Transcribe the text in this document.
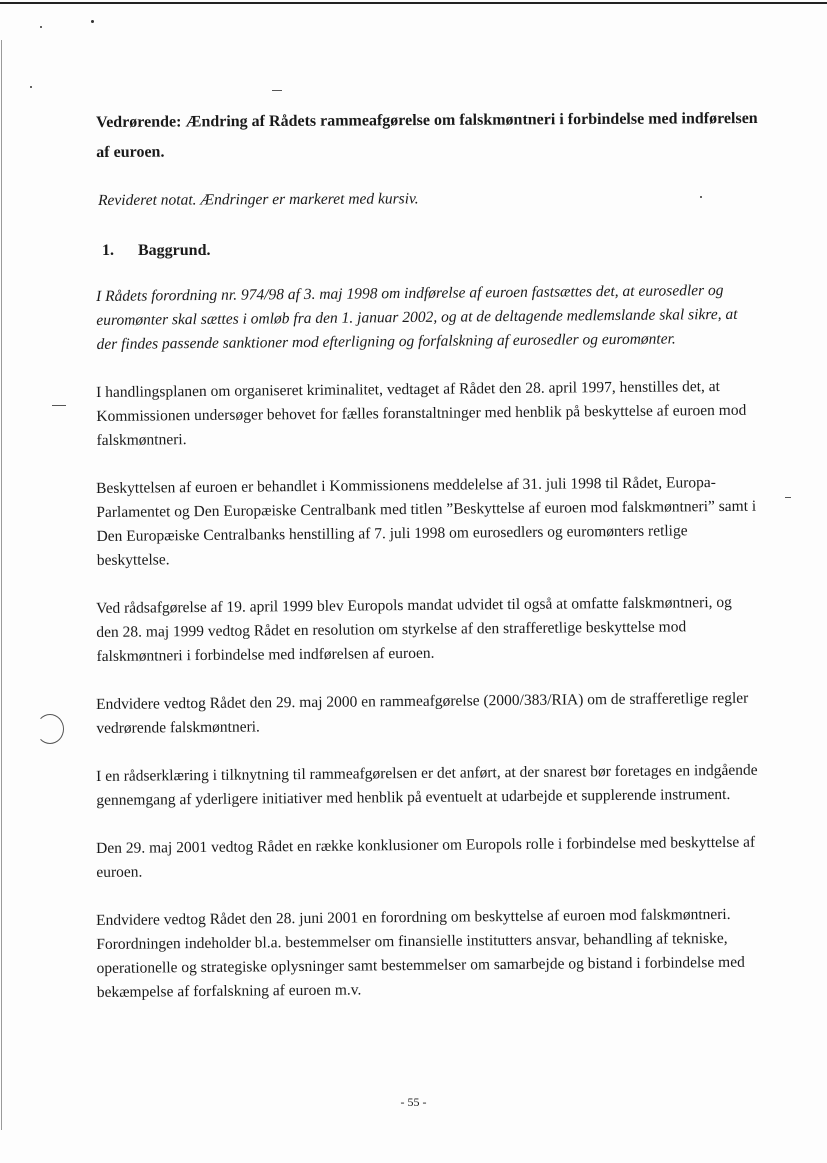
Vedrørende: Ændring af Rådets rammeafgørelse om falskmøntneri i forbindelse med indførelsen af euroen.

Revideret notat. Ændringer er markeret med kursiv.

1.	Baggrund.

I Rådets forordning nr. 974/98 af 3. maj 1998 om indførelse af euroen fastsættes det, at eurosedler og euromønter skal sættes i omløb fra den 1. januar 2002, og at de deltagende medlemslande skal sikre, at der findes passende sanktioner mod efterligning og forfalskning af eurosedler og euromønter.

I handlingsplanen om organiseret kriminalitet, vedtaget af Rådet den 28. april 1997, henstilles det, at Kommissionen undersøger behovet for fælles foranstaltninger med henblik på beskyttelse af euroen mod falskmøntneri.

Beskyttelsen af euroen er behandlet i Kommissionens meddelelse af 31. juli 1998 til Rådet, Europa-Parlamentet og Den Europæiske Centralbank med titlen ”Beskyttelse af euroen mod falskmøntneri” samt i Den Europæiske Centralbanks henstilling af 7. juli 1998 om eurosedlers og euromønters retlige beskyttelse.

Ved rådsafgørelse af 19. april 1999 blev Europols mandat udvidet til også at omfatte falskmøntneri, og den 28. maj 1999 vedtog Rådet en resolution om styrkelse af den strafferetlige beskyttelse mod falskmøntneri i forbindelse med indførelsen af euroen.

Endvidere vedtog Rådet den 29. maj 2000 en rammeafgørelse (2000/383/RIA) om de strafferetlige regler vedrørende falskmøntneri.

I en rådserklæring i tilknytning til rammeafgørelsen er det anført, at der snarest bør foretages en indgående gennemgang af yderligere initiativer med henblik på eventuelt at udarbejde et supplerende instrument.

Den 29. maj 2001 vedtog Rådet en række konklusioner om Europols rolle i forbindelse med beskyttelse af euroen.

Endvidere vedtog Rådet den 28. juni 2001 en forordning om beskyttelse af euroen mod falskmøntneri. Forordningen indeholder bl.a. bestemmelser om finansielle institutters ansvar, behandling af tekniske, operationelle og strategiske oplysninger samt bestemmelser om samarbejde og bistand i forbindelse med bekæmpelse af forfalskning af euroen m.v.

- 55 -
